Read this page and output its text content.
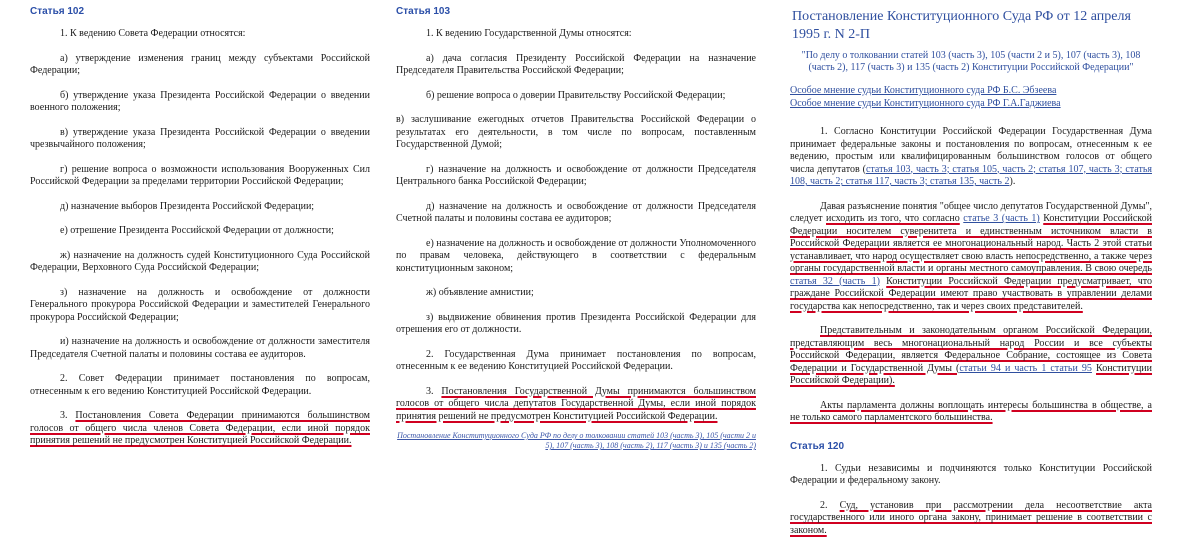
Статья 102

1. К ведению Совета Федерации относятся:

а) утверждение изменения границ между субъектами Российской Федерации;

б) утверждение указа Президента Российской Федерации о введении военного положения;

в) утверждение указа Президента Российской Федерации о введении чрезвычайного положения;

г) решение вопроса о возможности использования Вооруженных Сил Российской Федерации за пределами территории Российской Федерации;

д) назначение выборов Президента Российской Федерации;

е) отрешение Президента Российской Федерации от должности;

ж) назначение на должность судей Конституционного Суда Российской Федерации, Верховного Суда Российской Федерации;

з) назначение на должность и освобождение от должности Генерального прокурора Российской Федерации и заместителей Генерального прокурора Российской Федерации;

и) назначение на должность и освобождение от должности заместителя Председателя Счетной палаты и половины состава ее аудиторов.

2. Совет Федерации принимает постановления по вопросам, отнесенным к его ведению Конституцией Российской Федерации.

3. Постановления Совета Федерации принимаются большинством голосов от общего числа членов Совета Федерации, если иной порядок принятия решений не предусмотрен Конституцией Российской Федерации.

Статья 103

1. К ведению Государственной Думы относятся:

а) дача согласия Президенту Российской Федерации на назначение Председателя Правительства Российской Федерации;

б) решение вопроса о доверии Правительству Российской Федерации;

в) заслушивание ежегодных отчетов Правительства Российской Федерации о результатах его деятельности, в том числе по вопросам, поставленным Государственной Думой;

г) назначение на должность и освобождение от должности Председателя Центрального банка Российской Федерации;

д) назначение на должность и освобождение от должности Председателя Счетной палаты и половины состава ее аудиторов;

е) назначение на должность и освобождение от должности Уполномоченного по правам человека, действующего в соответствии с федеральным конституционным законом;

ж) объявление амнистии;

з) выдвижение обвинения против Президента Российской Федерации для отрешения его от должности.

2. Государственная Дума принимает постановления по вопросам, отнесенным к ее ведению Конституцией Российской Федерации.

3. Постановления Государственной Думы принимаются большинством голосов от общего числа депутатов Государственной Думы, если иной порядок принятия решений не предусмотрен Конституцией Российской Федерации.

Постановление Конституционного Суда РФ по делу о толковании статей 103 (часть 3), 105 (части 2 и 5), 107 (часть 3), 108 (часть 2), 117 (часть 3) и 135 (часть 2)
Постановление Конституционного Суда РФ от 12 апреля 1995 г. N 2-П
"По делу о толковании статей 103 (часть 3), 105 (части 2 и 5), 107 (часть 3), 108 (часть 2), 117 (часть 3) и 135 (часть 2) Конституции Российской Федерации"
Особое мнение судьи Конституционного суда РФ Б.С. Эбзеева
Особое мнение судьи Конституционного суда РФ Г.А.Гаджиева

1. Согласно Конституции Российской Федерации Государственная Дума принимает федеральные законы и постановления по вопросам, отнесенным к ее ведению, простым или квалифицированным большинством голосов от общего числа депутатов (статья 103, часть 3; статья 105, часть 2; статья 107, часть 3; статья 108, часть 2; статья 117, часть 3; статья 135, часть 2).

Давая разъяснение понятия "общее число депутатов Государственной Думы", следует исходить из того, что согласно статье 3 (часть 1) Конституции Российской Федерации носителем суверенитета и единственным источником власти в Российской Федерации является ее многонациональный народ. Часть 2 этой статьи устанавливает, что народ осуществляет свою власть непосредственно, а также через органы государственной власти и органы местного самоуправления. В свою очередь статья 32 (часть 1) Конституции Российской Федерации предусматривает, что граждане Российской Федерации имеют право участвовать в управлении делами государства как непосредственно, так и через своих представителей.

Представительным и законодательным органом Российской Федерации, представляющим весь многонациональный народ России и все субъекты Российской Федерации, является Федеральное Собрание, состоящее из Совета Федерации и Государственной Думы (статьи 94 и часть 1 статьи 95 Конституции Российской Федерации).

Акты парламента должны воплощать интересы большинства в обществе, а не только самого парламентского большинства.

Статья 120

1. Судьи независимы и подчиняются только Конституции Российской Федерации и федеральному закону.

2. Суд, установив при рассмотрении дела несоответствие акта государственного или иного органа закону, принимает решение в соответствии с законом.
